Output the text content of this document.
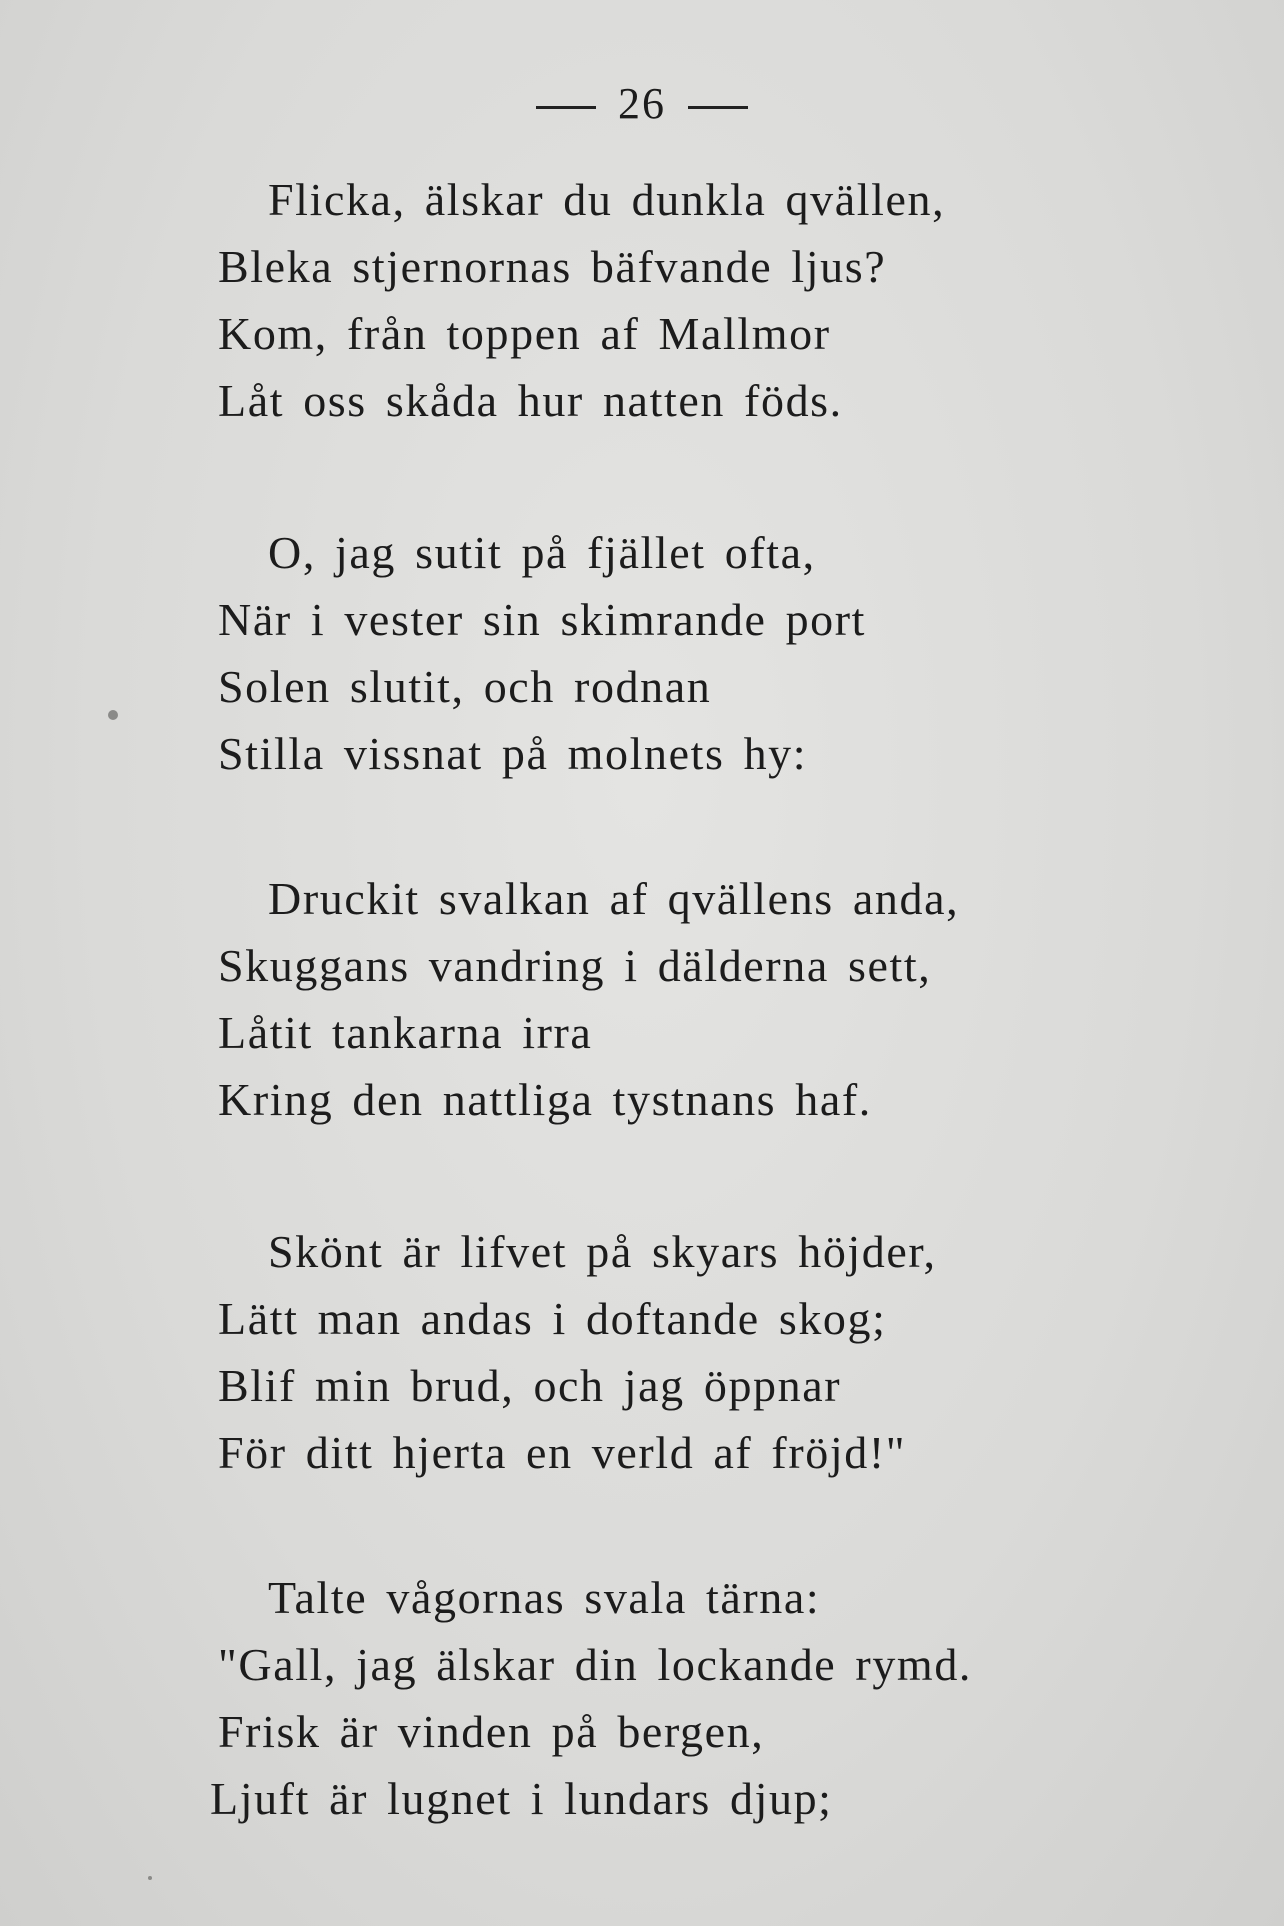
26
Flicka, älskar du dunkla qvällen,
Bleka stjernornas bäfvande ljus?
Kom, från toppen af Mallmor
Låt oss skåda hur natten föds.
O, jag sutit på fjället ofta,
När i vester sin skimrande port
Solen slutit, och rodnan
Stilla vissnat på molnets hy:
Druckit svalkan af qvällens anda,
Skuggans vandring i dälderna sett,
Låtit tankarna irra
Kring den nattliga tystnans haf.
Skönt är lifvet på skyars höjder,
Lätt man andas i doftande skog;
Blif min brud, och jag öppnar
För ditt hjerta en verld af fröjd!"
Talte vågornas svala tärna:
"Gall, jag älskar din lockande rymd.
Frisk är vinden på bergen,
Ljuft är lugnet i lundars djup;
